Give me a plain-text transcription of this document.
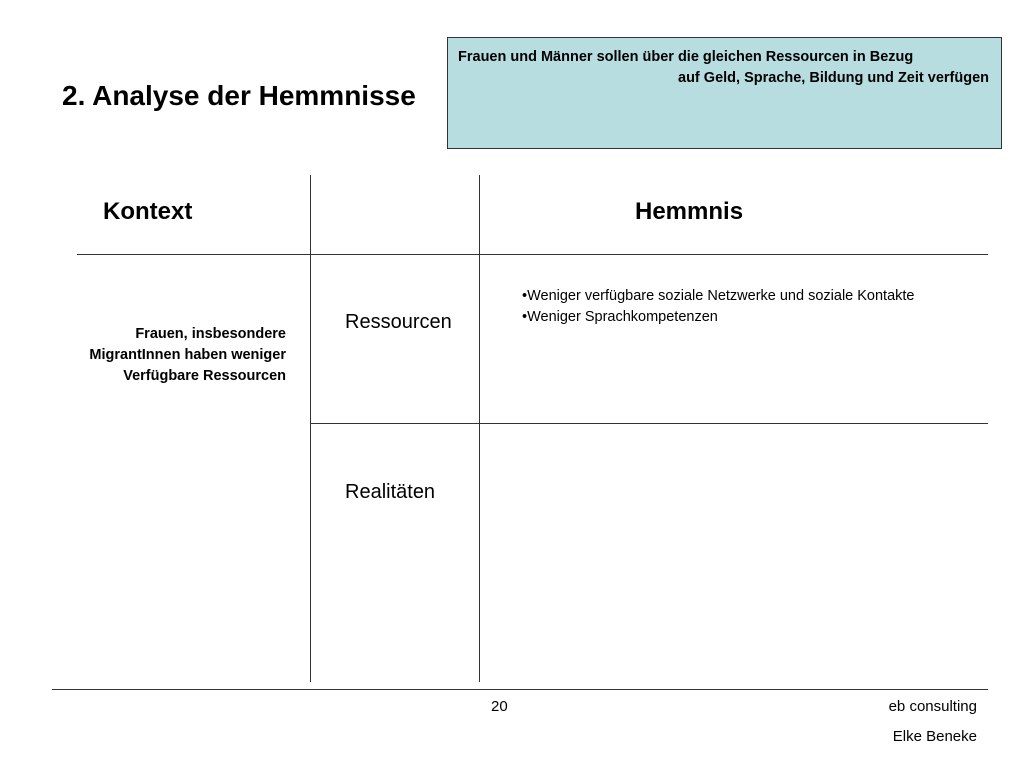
2. Analyse der Hemmnisse
Frauen und Männer sollen über die gleichen Ressourcen in Bezug
auf Geld, Sprache, Bildung und Zeit verfügen
Kontext	Hemmnis
Frauen, insbesondere
MigrantInnen haben weniger
Verfügbare Ressourcen
Ressourcen
Realitäten
• Weniger verfügbare soziale Netzwerke und soziale Kontakte
• Weniger Sprachkompetenzen
20	eb consulting
Elke Beneke
